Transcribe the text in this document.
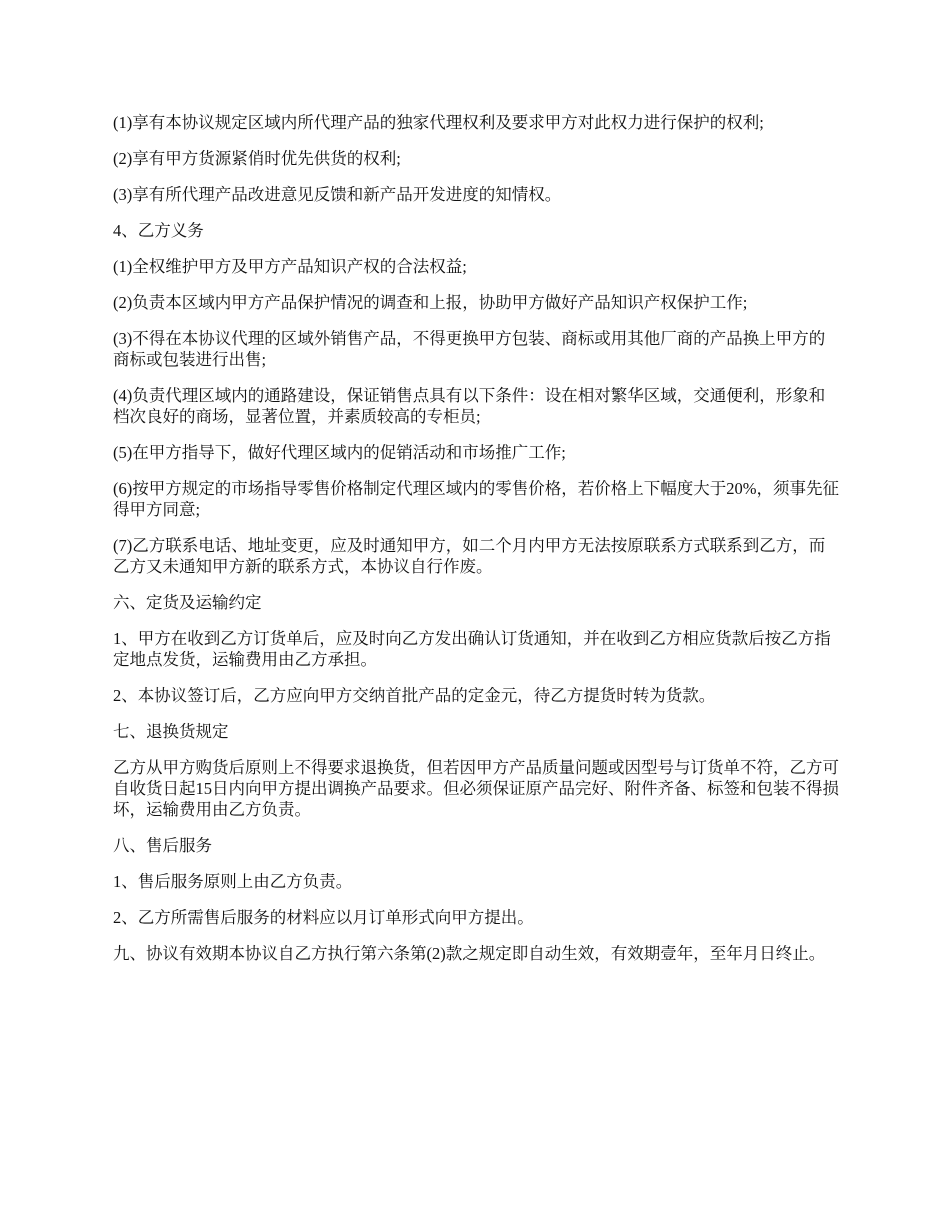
(1)享有本协议规定区域内所代理产品的独家代理权利及要求甲方对此权力进行保护的权利;

(2)享有甲方货源紧俏时优先供货的权利;

(3)享有所代理产品改进意见反馈和新产品开发进度的知情权。

4、乙方义务

(1)全权维护甲方及甲方产品知识产权的合法权益;

(2)负责本区域内甲方产品保护情况的调查和上报，协助甲方做好产品知识产权保护工作;

(3)不得在本协议代理的区域外销售产品，不得更换甲方包装、商标或用其他厂商的产品换上甲方的商标或包装进行出售;

(4)负责代理区域内的通路建设，保证销售点具有以下条件：设在相对繁华区域，交通便利，形象和档次良好的商场，显著位置，并素质较高的专柜员;

(5)在甲方指导下，做好代理区域内的促销活动和市场推广工作;

(6)按甲方规定的市场指导零售价格制定代理区域内的零售价格，若价格上下幅度大于20%，须事先征得甲方同意;

(7)乙方联系电话、地址变更，应及时通知甲方，如二个月内甲方无法按原联系方式联系到乙方，而乙方又未通知甲方新的联系方式，本协议自行作废。

六、定货及运输约定

1、甲方在收到乙方订货单后，应及时向乙方发出确认订货通知，并在收到乙方相应货款后按乙方指定地点发货，运输费用由乙方承担。

2、本协议签订后，乙方应向甲方交纳首批产品的定金元，待乙方提货时转为货款。

七、退换货规定

乙方从甲方购货后原则上不得要求退换货，但若因甲方产品质量问题或因型号与订货单不符，乙方可自收货日起15日内向甲方提出调换产品要求。但必须保证原产品完好、附件齐备、标签和包装不得损坏，运输费用由乙方负责。

八、售后服务

1、售后服务原则上由乙方负责。

2、乙方所需售后服务的材料应以月订单形式向甲方提出。

九、协议有效期本协议自乙方执行第六条第(2)款之规定即自动生效，有效期壹年，至年月日终止。
